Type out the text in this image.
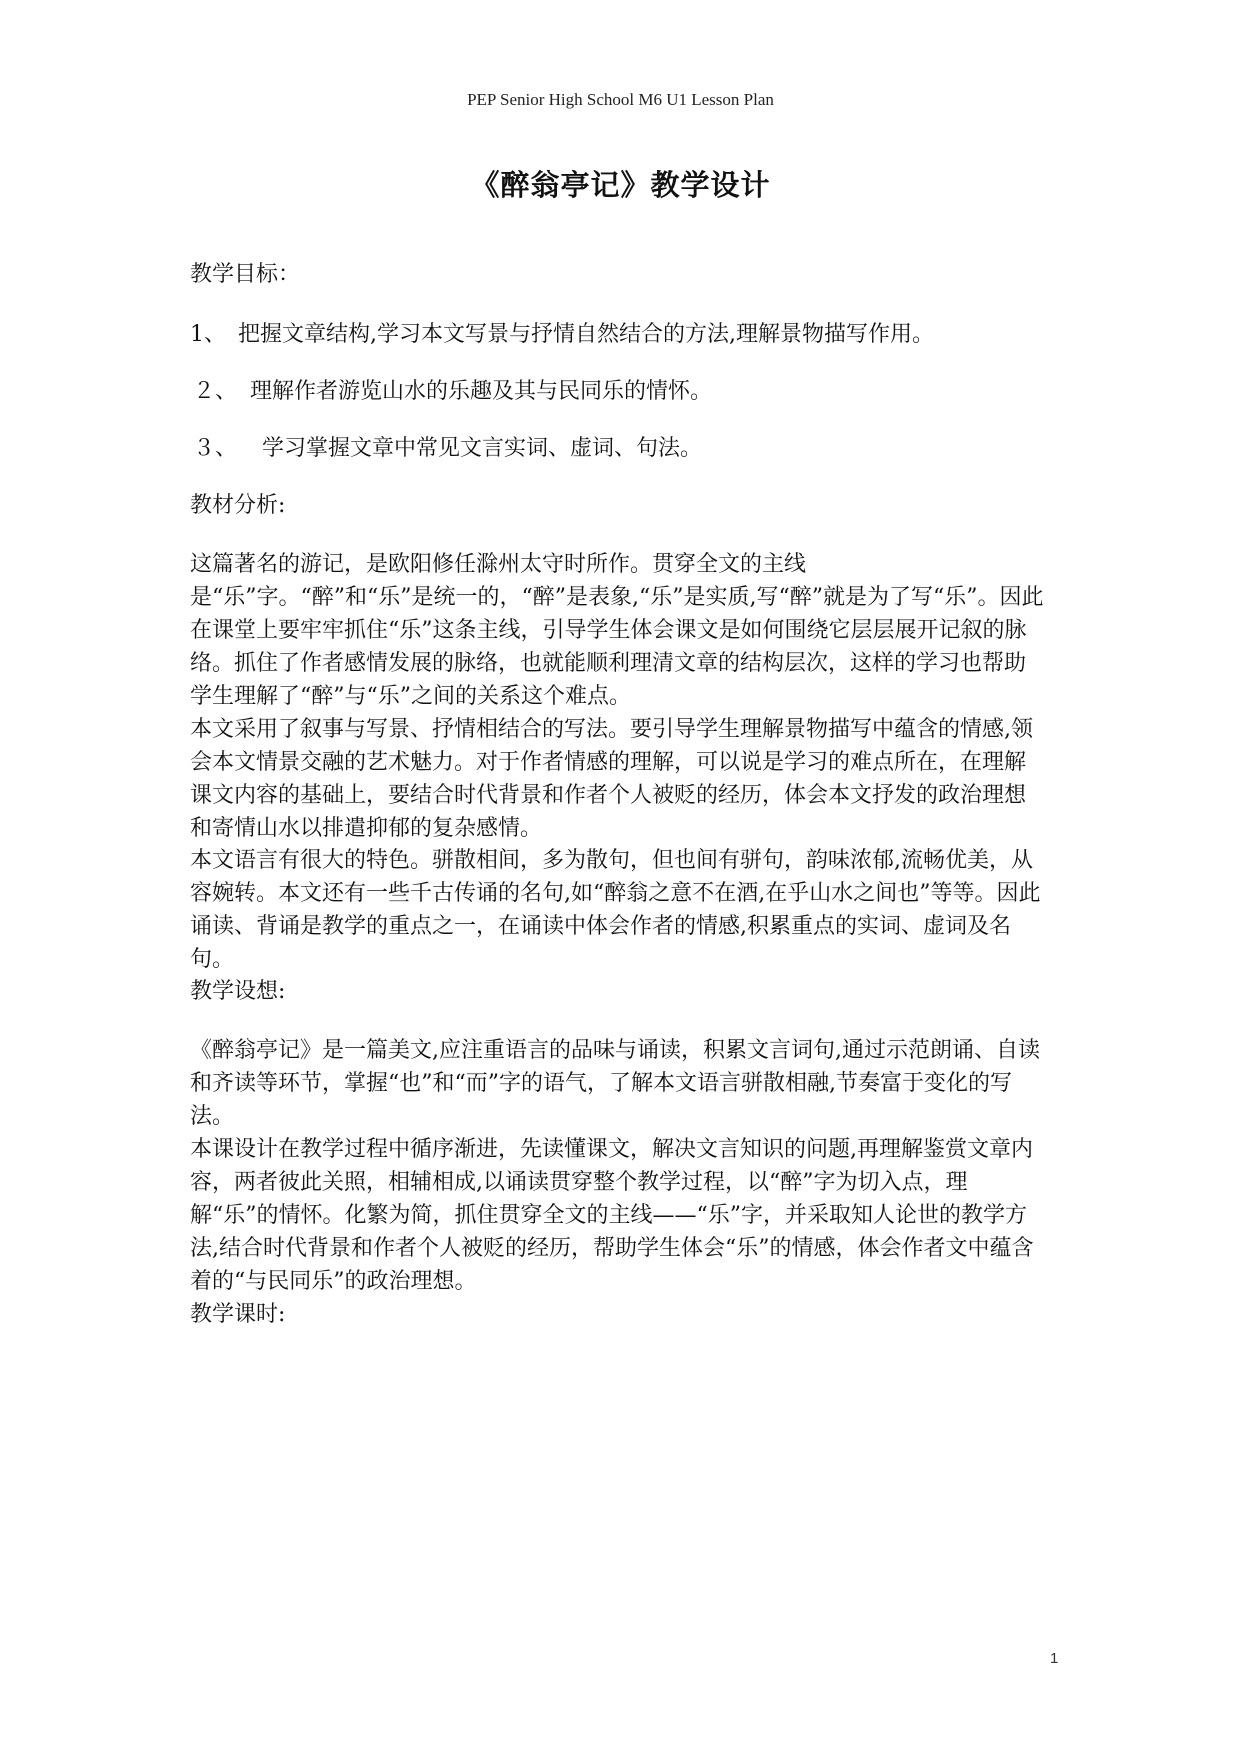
PEP Senior High School M6 U1 Lesson Plan
《醉翁亭记》教学设计
教学目标：
1、 把握文章结构,学习本文写景与抒情自然结合的方法,理解景物描写作用。
２、 理解作者游览山水的乐趣及其与民同乐的情怀。
３、 学习掌握文章中常见文言实词、虚词、句法。
教材分析:

这篇著名的游记，是欧阳修任滁州太守时所作。贯穿全文的主线是“乐”字。“醉”和“乐”是统一的，“醉”是表象,“乐”是实质,写“醉”就是为了写“乐”。因此在课堂上要牢牢抓住“乐”这条主线，引导学生体会课文是如何围绕它层层展开记叙的脉络。抓住了作者感情发展的脉络，也就能顺利理清文章的结构层次，这样的学习也帮助学生理解了“醉”与“乐”之间的关系这个难点。

本文采用了叙事与写景、抒情相结合的写法。要引导学生理解景物描写中蕴含的情感,领会本文情景交融的艺术魅力。对于作者情感的理解，可以说是学习的难点所在，在理解课文内容的基础上，要结合时代背景和作者个人被贬的经历，体会本文抒发的政治理想和寄情山水以排遣抑郁的复杂感情。

本文语言有很大的特色。骈散相间，多为散句，但也间有骈句，韵味浓郁,流畅优美，从容婉转。本文还有一些千古传诵的名句,如“醉翁之意不在酒,在乎山水之间也”等等。因此诵读、背诵是教学的重点之一，在诵读中体会作者的情感,积累重点的实词、虚词及名句。

教学设想:

《醉翁亭记》是一篇美文,应注重语言的品味与诵读，积累文言词句,通过示范朗诵、自读和齐读等环节，掌握“也”和“而”字的语气，了解本文语言骈散相融,节奏富于变化的写法。

本课设计在教学过程中循序渐进，先读懂课文，解决文言知识的问题,再理解鉴赏文章内容，两者彼此关照，相辅相成,以诵读贯穿整个教学过程，以“醉”字为切入点，理解“乐”的情怀。化繁为简，抓住贯穿全文的主线——“乐”字，并采取知人论世的教学方法,结合时代背景和作者个人被贬的经历，帮助学生体会“乐”的情感，体会作者文中蕴含着的“与民同乐”的政治理想。

教学课时:
1
